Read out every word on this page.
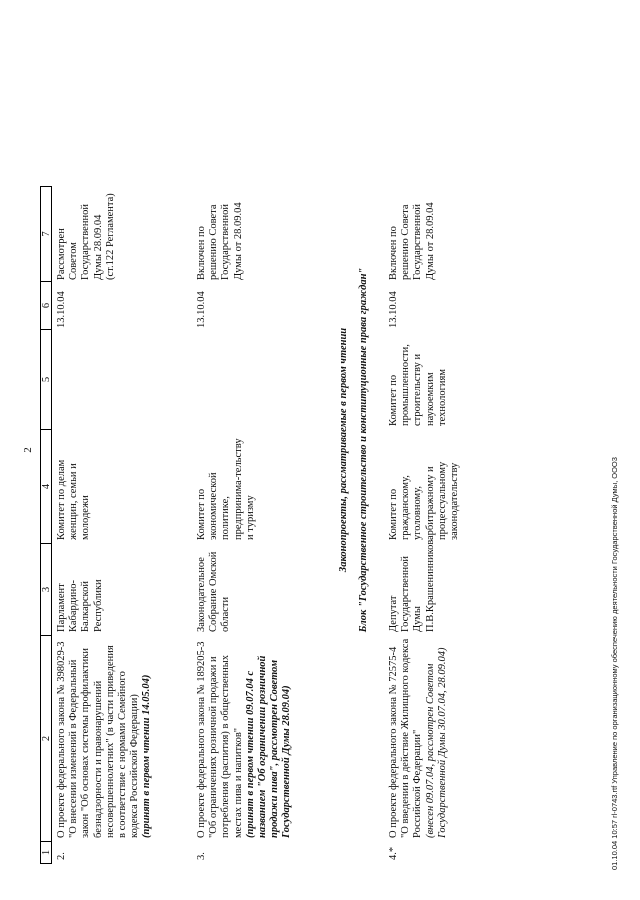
2
1
2
3
4
5
6
7
2.
О проекте федерального закона № 398029-3 "О внесении изменений в Федеральный закон "Об основах системы профилактики безнадзорности и правонарушений несовершеннолетних" (в части приведения в соответствие с нормами Семейного кодекса Российской Федерации) (принят в первом чтении 14.05.04)
Парламент Кабардино-Балкарской Республики
Комитет по делам женщин, семьи и молодежи
13.10.04
Рассмотрен Советом Государственной Думы 28.09.04 (ст.122 Регламента)
3.
О проекте федерального закона № 189205-3 "Об ограничениях розничной продажи и потребления (распития) в общественных местах пива и напитков" (принят в первом чтении 09.07.04 с названием "Об ограничении розничной продажи пива", рассмотрен Советом Государственной Думы 28.09.04)
Законодательное Собрание Омской области
Комитет по экономической политике, предпринима-тельству и туризму
13.10.04
Включен по решению Совета Государственной Думы от 28.09.04
Законопроекты, рассматриваемые в первом чтении Блок "Государственное строительство и конституционные права граждан"
4.*
О проекте федерального закона № 72575-4 "О введении в действие Жилищного кодекса Российской Федерации" (внесен 09.07.04, рассмотрен Советом Государственной Думы 30.07.04, 28.09.04)
Депутат Государственной Думы П.В.Крашенинников
Комитет по гражданскому, уголовному, арбитражному и процессуальному законодательству
Комитет по промышленности, строительству и наукоемким технологиям
13.10.04
Включен по решению Совета Государственной Думы от 28.09.04
01.10.04 10:57 rl-0743.rtf Управление по организационному обеспечению деятельности Государственной Думы, ООО3
